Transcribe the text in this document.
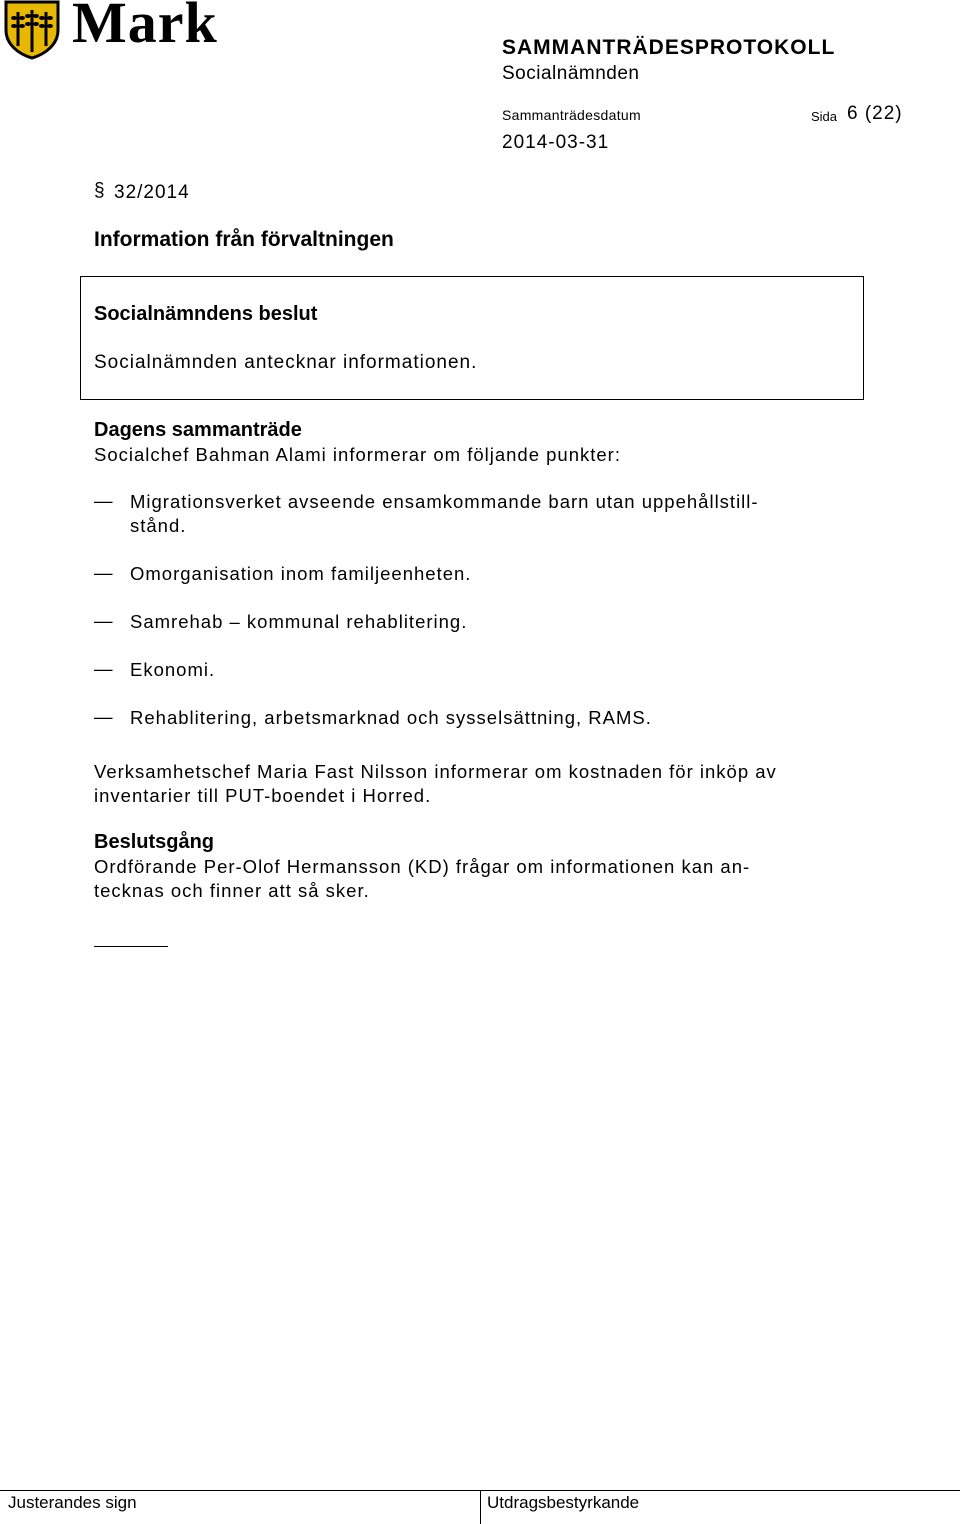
Mark	SAMMANTRÄDESPROTOKOLL
Socialnämnden
Sammanträdesdatum	Sida 6 (22)
2014-03-31
§ 32/2014
Information från förvaltningen
Socialnämndens beslut
Socialnämnden antecknar informationen.
Dagens sammanträde
Socialchef Bahman Alami informerar om följande punkter:
— Migrationsverket avseende ensamkommande barn utan uppehållstill-
stånd.
— Omorganisation inom familjeenheten.
— Samrehab – kommunal rehablitering.
— Ekonomi.
— Rehablitering, arbetsmarknad och sysselsättning, RAMS.
Verksamhetschef Maria Fast Nilsson informerar om kostnaden för inköp av
inventarier till PUT-boendet i Horred.
Beslutsgång
Ordförande Per-Olof Hermansson (KD) frågar om informationen kan an-
tecknas och finner att så sker.
Justerandes sign	Utdragsbestyrkande
